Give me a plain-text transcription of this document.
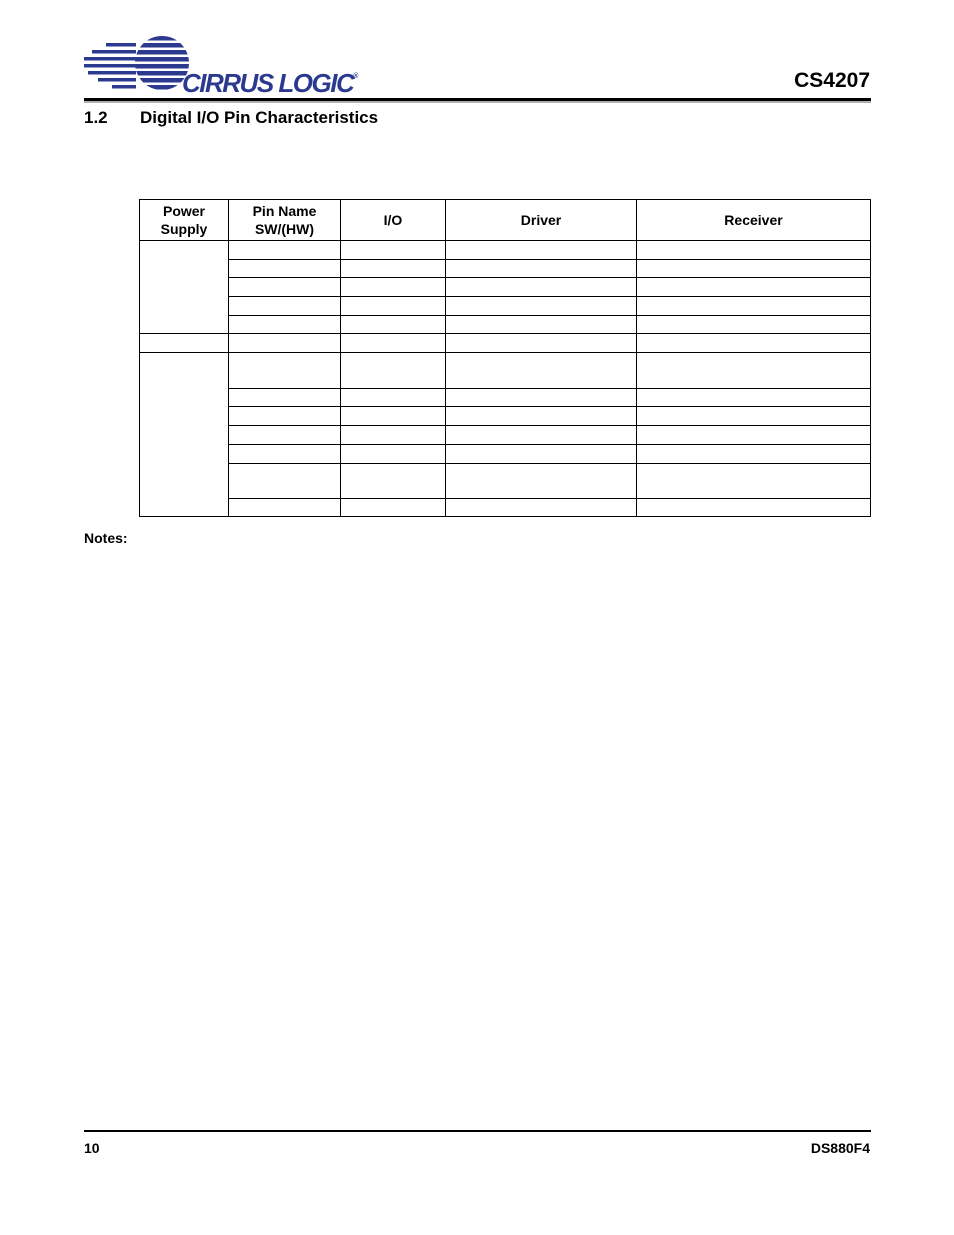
CIRRUS LOGIC®	CS4207
1.2 Digital I/O Pin Characteristics
Power Supply	Pin Name SW/(HW)	I/O	Driver	Receiver

Notes:
10	DS880F4
